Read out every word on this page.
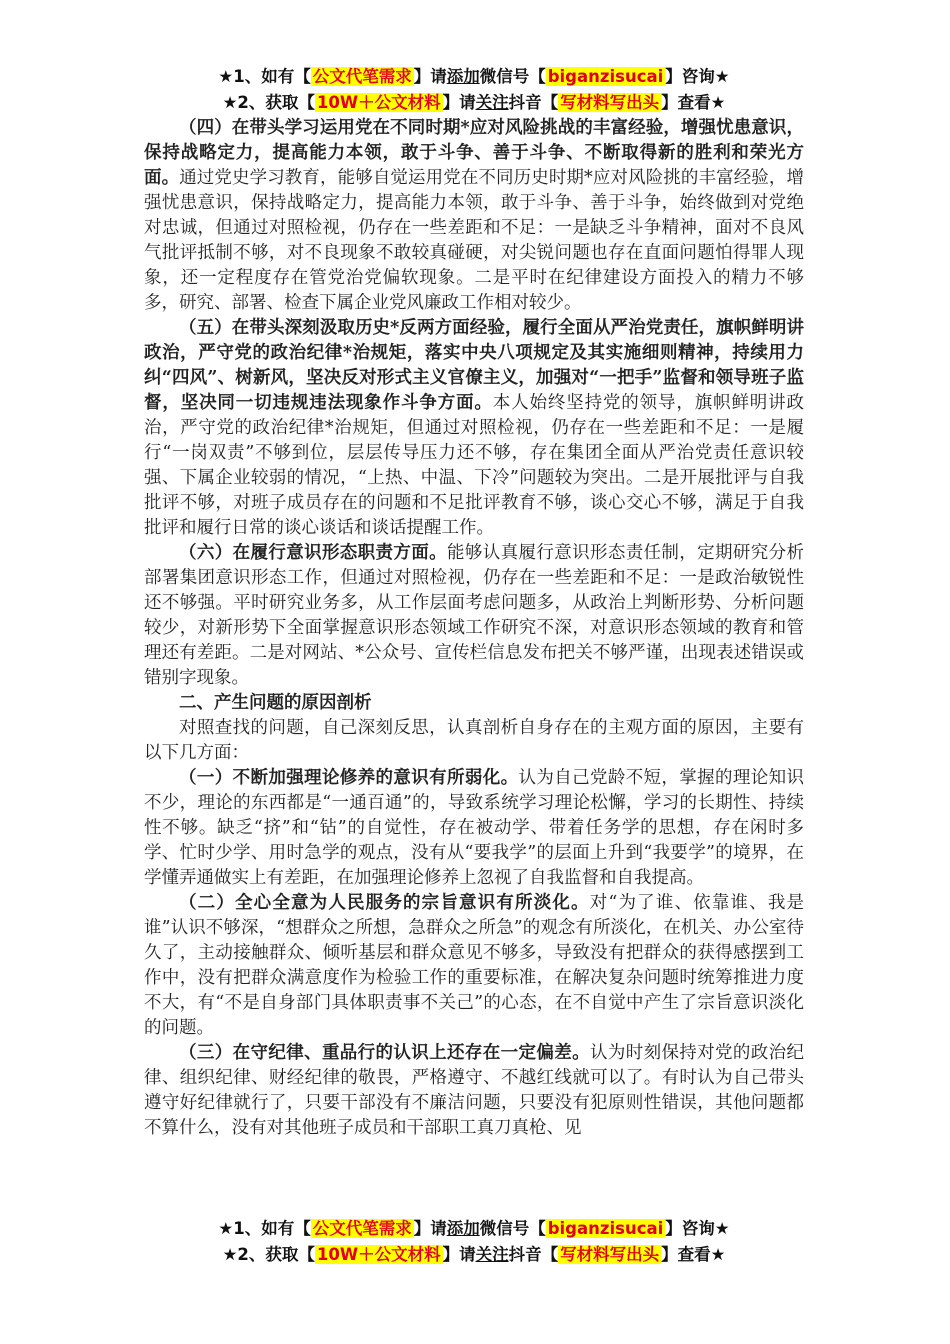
★1、如有【 公文代笔需求 】请添加微信号【 biganzisucai 】咨询★
★2、获取【 10W＋公文材料 】请关注抖音【 写材料写出头 】查看★

（四）在带头学习运用党在不同时期*应对风险挑战的丰富经验，增强忧患意识，保持战略定力，提高能力本领，敢于斗争、善于斗争、不断取得新的胜利和荣光方面。通过党史学习教育，能够自觉运用党在不同历史时期*应对风险挑的丰富经验，增强忧患意识，保持战略定力，提高能力本领，敢于斗争、善于斗争，始终做到对党绝对忠诚，但通过对照检视，仍存在一些差距和不足：一是缺乏斗争精神，面对不良风气批评抵制不够，对不良现象不敢较真碰硬，对尖锐问题也存在直面问题怕得罪人现象，还一定程度存在管党治党偏软现象。二是平时在纪律建设方面投入的精力不够多，研究、部署、检查下属企业党风廉政工作相对较少。

（五）在带头深刻汲取历史*反两方面经验，履行全面从严治党责任，旗帜鲜明讲政治，严守党的政治纪律*治规矩，落实中央八项规定及其实施细则精神，持续用力纠“四风”、树新风，坚决反对形式主义官僚主义，加强对“一把手”监督和领导班子监督，坚决同一切违规违法现象作斗争方面。本人始终坚持党的领导，旗帜鲜明讲政治，严守党的政治纪律*治规矩，但通过对照检视，仍存在一些差距和不足：一是履行“一岗双责”不够到位，层层传导压力还不够，存在集团全面从严治党责任意识较强、下属企业较弱的情况，“上热、中温、下冷”问题较为突出。二是开展批评与自我批评不够，对班子成员存在的问题和不足批评教育不够，谈心交心不够，满足于自我批评和履行日常的谈心谈话和谈话提醒工作。

（六）在履行意识形态职责方面。能够认真履行意识形态责任制，定期研究分析部署集团意识形态工作，但通过对照检视，仍存在一些差距和不足：一是政治敏锐性还不够强。平时研究业务多，从工作层面考虑问题多，从政治上判断形势、分析问题较少，对新形势下全面掌握意识形态领域工作研究不深，对意识形态领域的教育和管理还有差距。二是对网站、*公众号、宣传栏信息发布把关不够严谨，出现表述错误或错别字现象。

二、产生问题的原因剖析

对照查找的问题，自己深刻反思，认真剖析自身存在的主观方面的原因，主要有以下几方面：

（一）不断加强理论修养的意识有所弱化。认为自己党龄不短，掌握的理论知识不少，理论的东西都是“一通百通”的，导致系统学习理论松懈，学习的长期性、持续性不够。缺乏“挤”和“钻”的自觉性，存在被动学、带着任务学的思想，存在闲时多学、忙时少学、用时急学的观点，没有从“要我学”的层面上升到“我要学”的境界，在学懂弄通做实上有差距，在加强理论修养上忽视了自我监督和自我提高。

（二）全心全意为人民服务的宗旨意识有所淡化。对“为了谁、依靠谁、我是谁”认识不够深，“想群众之所想，急群众之所急”的观念有所淡化，在机关、办公室待久了，主动接触群众、倾听基层和群众意见不够多，导致没有把群众的获得感摆到工作中，没有把群众满意度作为检验工作的重要标准，在解决复杂问题时统筹推进力度不大，有“不是自身部门具体职责事不关己”的心态，在不自觉中产生了宗旨意识淡化的问题。

（三）在守纪律、重品行的认识上还存在一定偏差。认为时刻保持对党的政治纪律、组织纪律、财经纪律的敬畏，严格遵守、不越红线就可以了。有时认为自己带头遵守好纪律就行了，只要干部没有不廉洁问题，只要没有犯原则性错误，其他问题都不算什么，没有对其他班子成员和干部职工真刀真枪、见

★1、如有【 公文代笔需求 】请添加微信号【 biganzisucai 】咨询★
★2、获取【 10W＋公文材料 】请关注抖音【 写材料写出头 】查看★
